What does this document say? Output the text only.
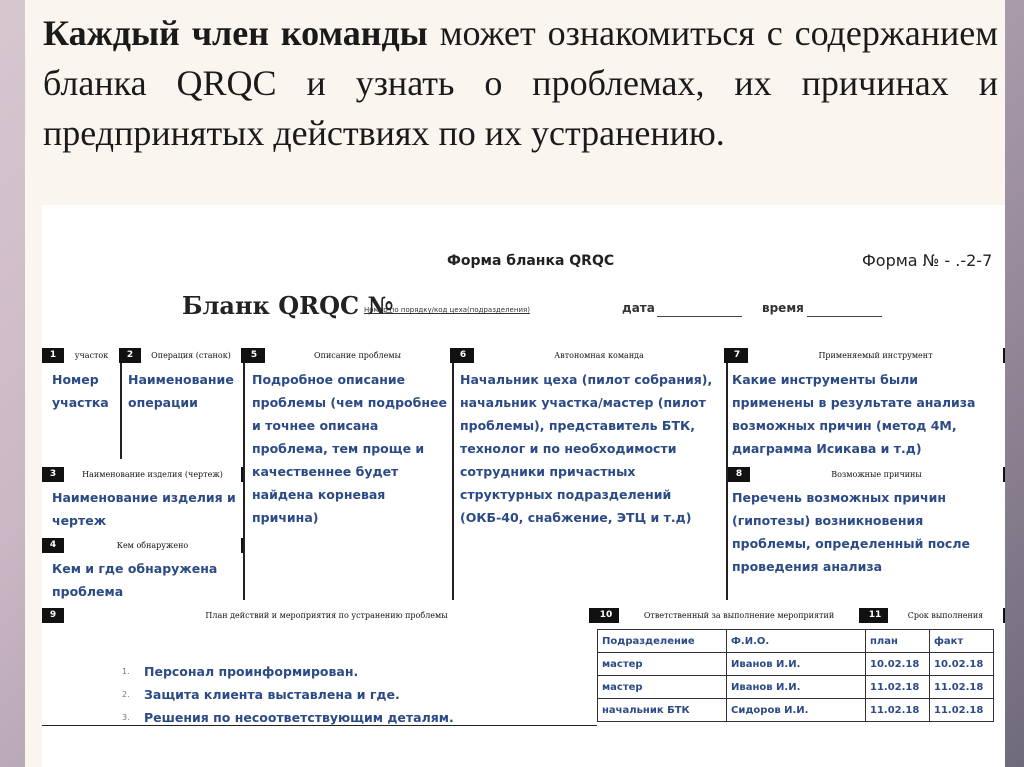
Каждый член команды может ознакомиться с содержанием бланка QRQC и узнать о проблемах, их причинах и предпринятых действиях по их устранению.
Форма бланка QRQC	Форма № - .-2-7
Бланк QRQC №
Номер по порядку/код цеха(подразделения)	дата	время
1	участок	2	Операция (станок)	5	Описание проблемы	6	Автономная команда	7	Применяемый инструмент
Номер участка
Наименование операции
Подробное описание проблемы (чем подробнее и точнее описана проблема, тем проще и качественнее будет найдена корневая причина)
Начальник цеха (пилот собрания), начальник участка/мастер (пилот проблемы), представитель БТК, технолог и по необходимости сотрудники причастных структурных подразделений (ОКБ-40, снабжение, ЭТЦ и т.д)
Какие инструменты были применены в результате анализа возможных причин (метод 4М, диаграмма Исикава и т.д)
3	Наименование изделия (чертеж)
Наименование изделия и чертеж
8	Возможные причины
Перечень возможных причин (гипотезы) возникновения проблемы, определенный после проведения анализа
4	Кем обнаружено
Кем и где обнаружена проблема
9	План действий и мероприятия по устранению проблемы	10	Ответственный за выполнение мероприятий	11	Срок выполнения
1. Персонал проинформирован.
2. Защита клиента выставлена и где.
3. Решения по несоответствующим деталям.
Подразделение	Ф.И.О.	план	факт
мастер	Иванов И.И.	10.02.18	10.02.18
мастер	Иванов И.И.	11.02.18	11.02.18
начальник БТК	Сидоров И.И.	11.02.18	11.02.18
